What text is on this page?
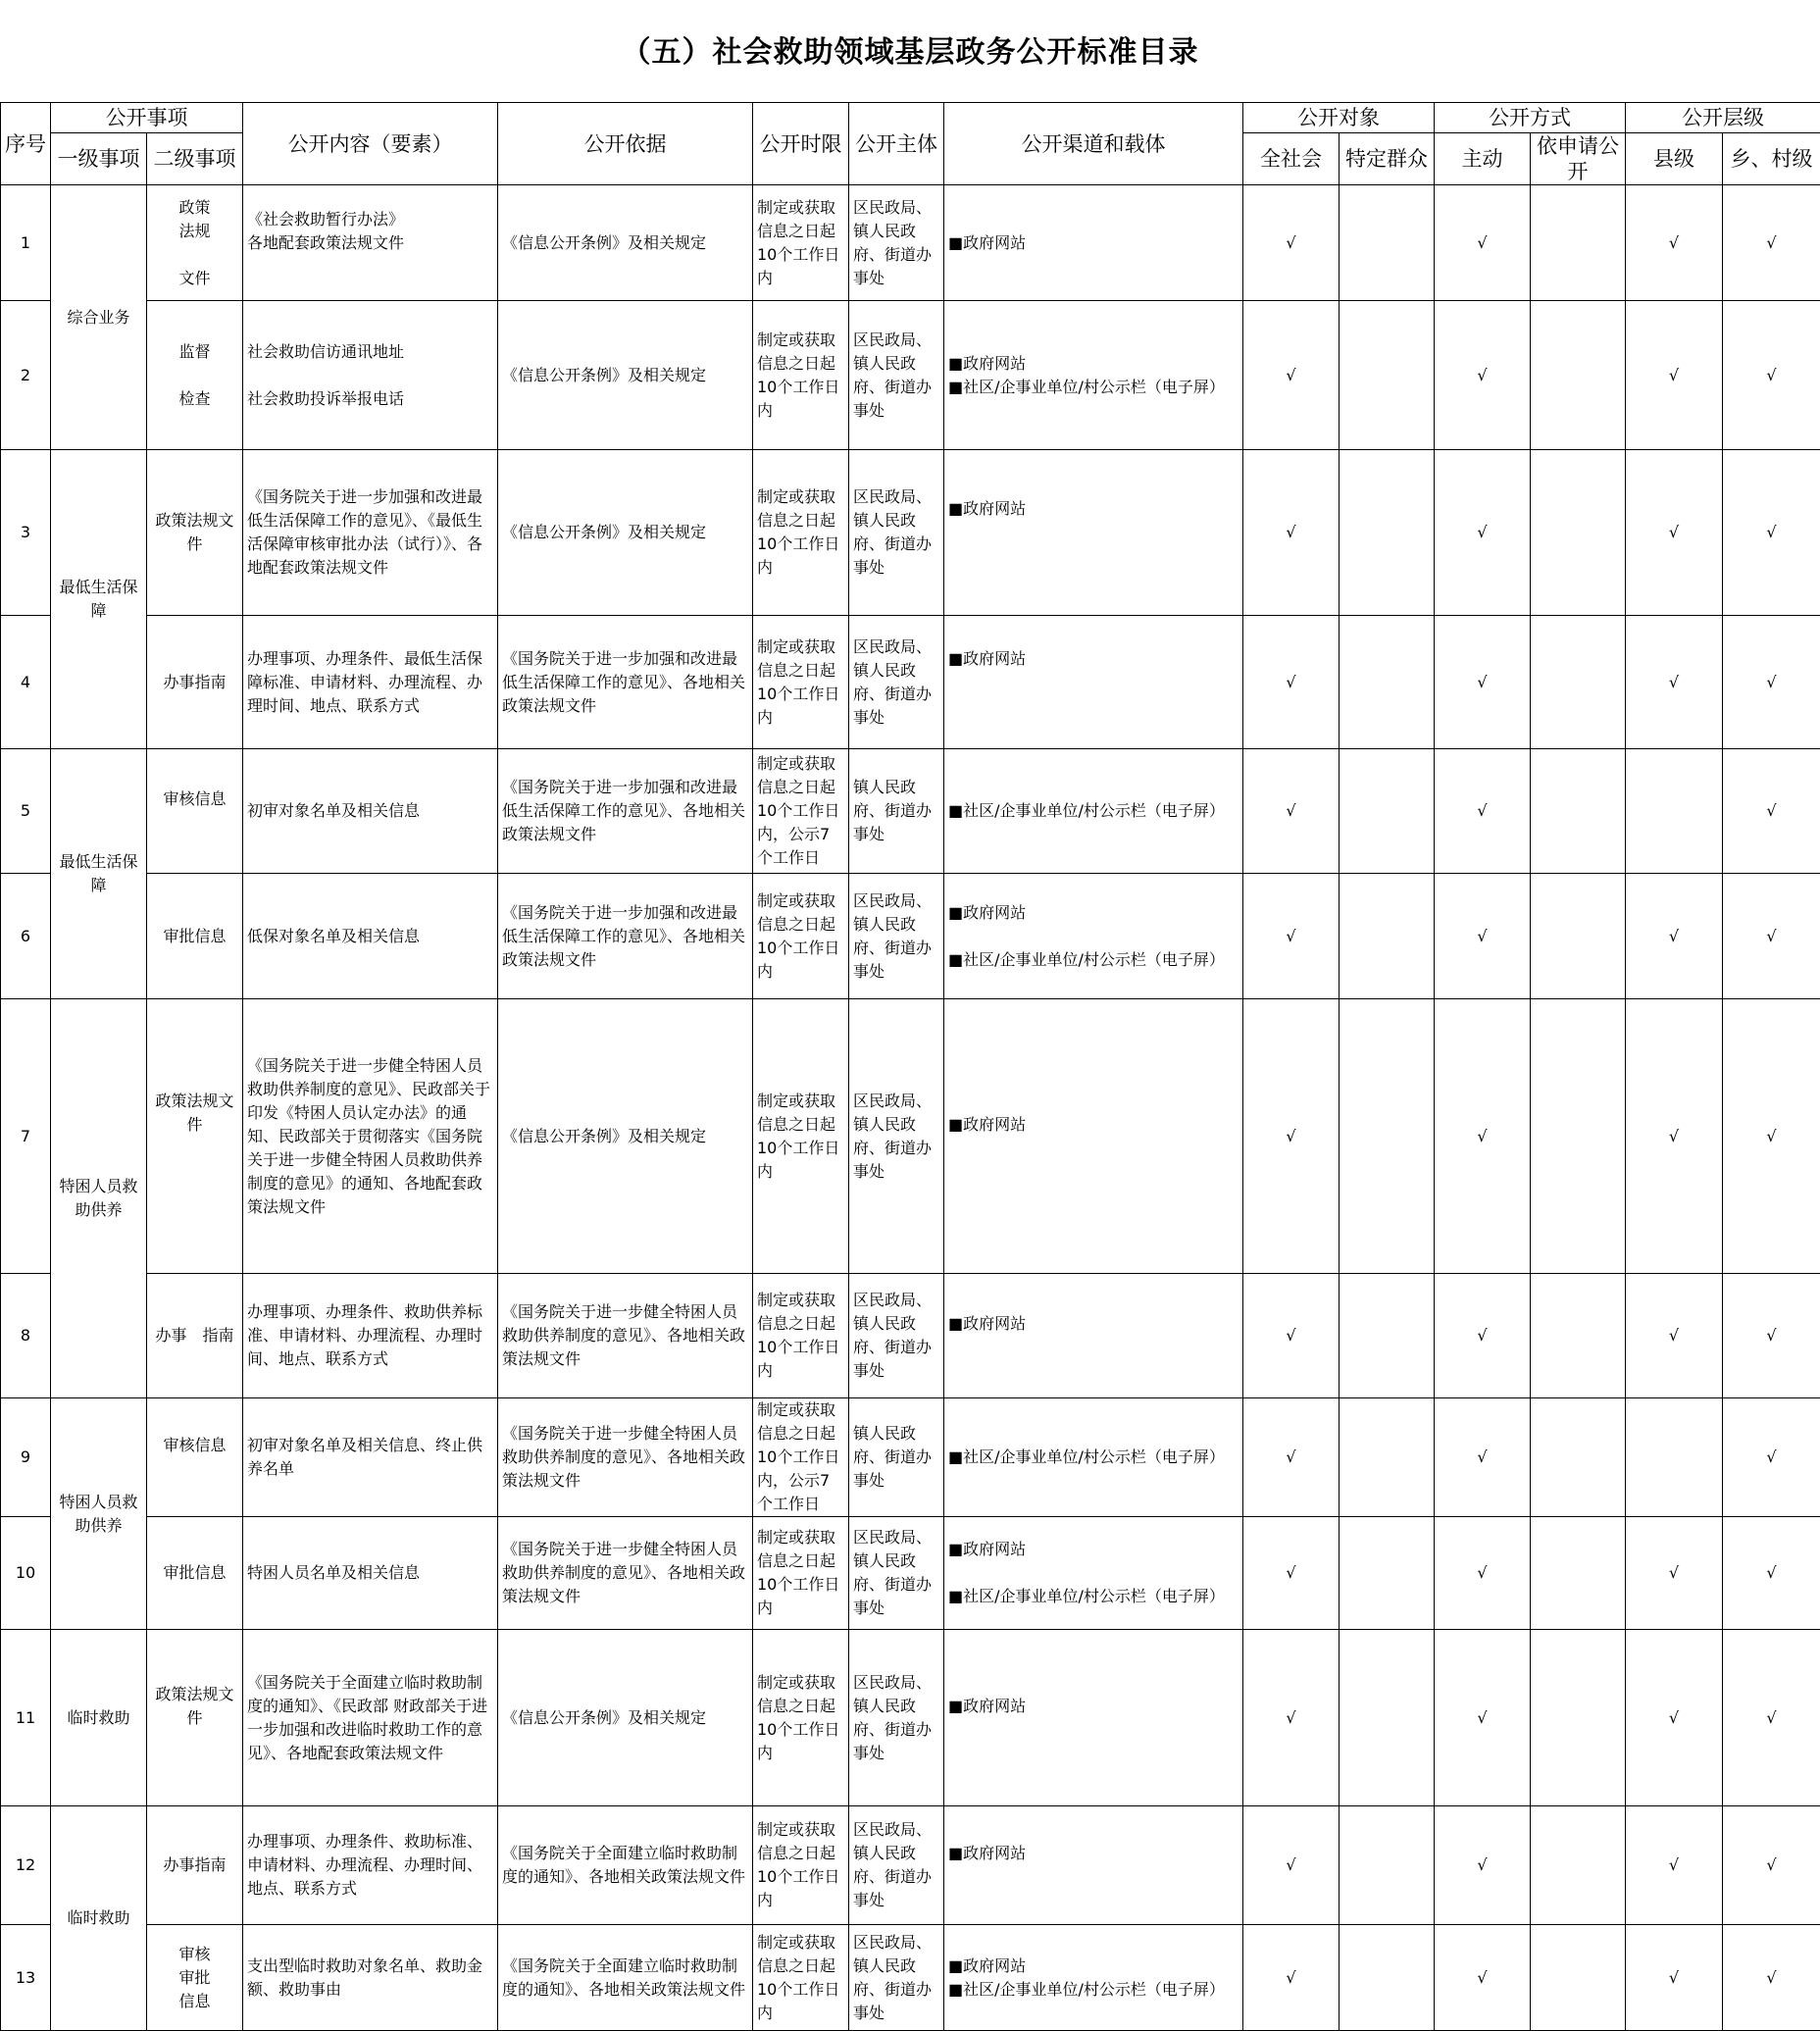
（五）社会救助领域基层政务公开标准目录
序号	公开事项		公开内容（要素）	公开依据	公开时限	公开主体	公开渠道和载体	公开对象		公开方式		公开层级	
	一级事项	二级事项						全社会	特定群众	主动	依申请公开	县级	乡、村级
1	综合业务	政策
法规

文件	《社会救助暂行办法》
各地配套政策法规文件	《信息公开条例》及相关规定	制定或获取信息之日起10个工作日内	区民政局、镇人民政府、街道办事处	■政府网站	√		√		√	√
2		监督

检查	社会救助信访通讯地址

社会救助投诉举报电话	《信息公开条例》及相关规定	制定或获取信息之日起10个工作日内	区民政局、镇人民政府、街道办事处	■政府网站
■社区/企事业单位/村公示栏（电子屏）	√		√		√	√
3	最低生活保障	政策法规文件	《国务院关于进一步加强和改进最低生活保障工作的意见》、《最低生活保障审核审批办法（试行）》、各地配套政策法规文件	《信息公开条例》及相关规定	制定或获取信息之日起10个工作日内	区民政局、镇人民政府、街道办事处	■政府网站	√		√		√	√
4		办事指南	办理事项、办理条件、最低生活保障标准、申请材料、办理流程、办理时间、地点、联系方式	《国务院关于进一步加强和改进最低生活保障工作的意见》、各地相关政策法规文件	制定或获取信息之日起10个工作日内	区民政局、镇人民政府、街道办事处	■政府网站	√		√		√	√
5	最低生活保障	审核信息	初审对象名单及相关信息	《国务院关于进一步加强和改进最低生活保障工作的意见》、各地相关政策法规文件	制定或获取信息之日起10个工作日内，公示7个工作日	镇人民政府、街道办事处	■社区/企事业单位/村公示栏（电子屏）	√		√			√
6		审批信息	低保对象名单及相关信息	《国务院关于进一步加强和改进最低生活保障工作的意见》、各地相关政策法规文件	制定或获取信息之日起10个工作日内	区民政局、镇人民政府、街道办事处	■政府网站

■社区/企事业单位/村公示栏（电子屏）	√		√		√	√
7	特困人员救助供养	政策法规文件	《国务院关于进一步健全特困人员救助供养制度的意见》、民政部关于印发《特困人员认定办法》的通知、民政部关于贯彻落实《国务院关于进一步健全特困人员救助供养制度的意见》的通知、各地配套政策法规文件	《信息公开条例》及相关规定	制定或获取信息之日起10个工作日内	区民政局、镇人民政府、街道办事处	■政府网站	√		√		√	√
8		办事　指南	办理事项、办理条件、救助供养标准、申请材料、办理流程、办理时间、地点、联系方式	《国务院关于进一步健全特困人员救助供养制度的意见》、各地相关政策法规文件	制定或获取信息之日起10个工作日内	区民政局、镇人民政府、街道办事处	■政府网站	√		√		√	√
9	特困人员救助供养	审核信息	初审对象名单及相关信息、终止供养名单	《国务院关于进一步健全特困人员救助供养制度的意见》、各地相关政策法规文件	制定或获取信息之日起10个工作日内，公示7个工作日	镇人民政府、街道办事处	■社区/企事业单位/村公示栏（电子屏）	√		√			√
10		审批信息	特困人员名单及相关信息	《国务院关于进一步健全特困人员救助供养制度的意见》、各地相关政策法规文件	制定或获取信息之日起10个工作日内	区民政局、镇人民政府、街道办事处	■政府网站

■社区/企事业单位/村公示栏（电子屏）	√		√		√	√
11	临时救助	政策法规文件	《国务院关于全面建立临时救助制度的通知》、《民政部 财政部关于进一步加强和改进临时救助工作的意见》、各地配套政策法规文件	《信息公开条例》及相关规定	制定或获取信息之日起10个工作日内	区民政局、镇人民政府、街道办事处	■政府网站	√		√		√	√
12	临时救助	办事指南	办理事项、办理条件、救助标准、申请材料、办理流程、办理时间、地点、联系方式	《国务院关于全面建立临时救助制度的通知》、各地相关政策法规文件	制定或获取信息之日起10个工作日内	区民政局、镇人民政府、街道办事处	■政府网站	√		√		√	√
13		审核
审批
信息	支出型临时救助对象名单、救助金额、救助事由	《国务院关于全面建立临时救助制度的通知》、各地相关政策法规文件	制定或获取信息之日起10个工作日内	区民政局、镇人民政府、街道办事处	■政府网站
■社区/企事业单位/村公示栏（电子屏）	√		√		√	√
